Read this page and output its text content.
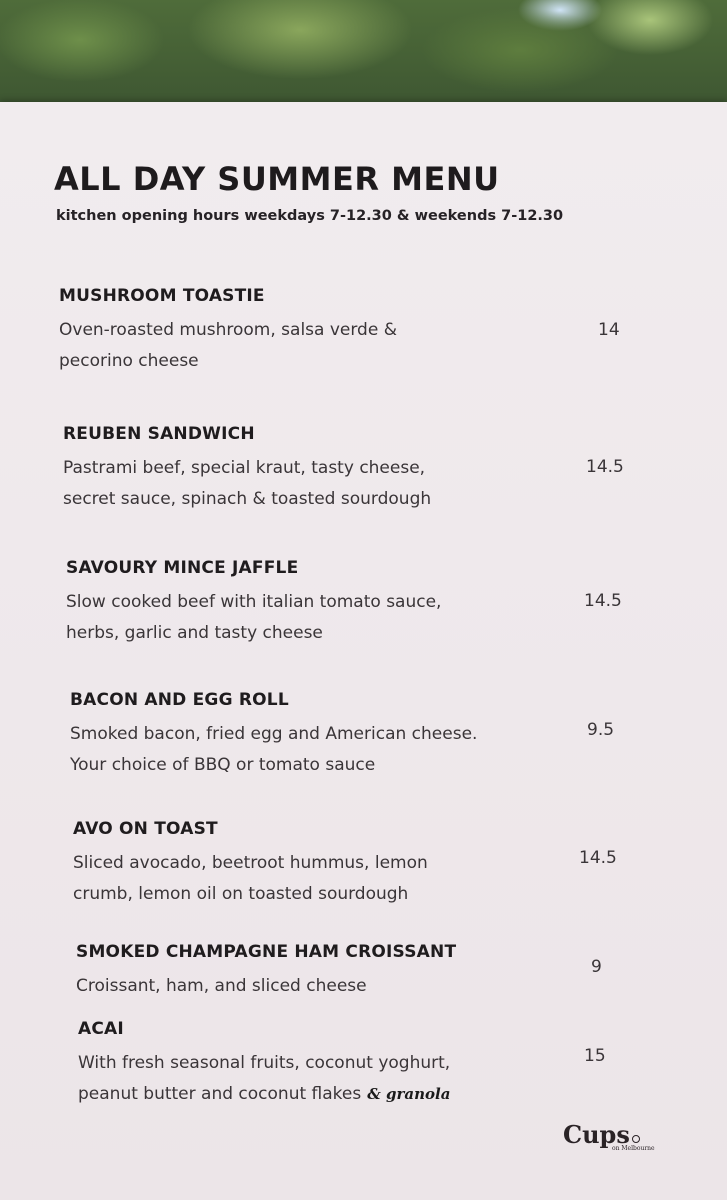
ALL DAY SUMMER MENU
kitchen opening hours weekdays 7-12.30 & weekends 7-12.30
MUSHROOM TOASTIE
Oven-roasted mushroom, salsa verde &
pecorino cheese
14
REUBEN SANDWICH
Pastrami beef, special kraut, tasty cheese,
secret sauce, spinach & toasted sourdough
14.5
SAVOURY MINCE JAFFLE
Slow cooked beef with italian tomato sauce,
herbs, garlic and tasty cheese
14.5
BACON AND EGG ROLL
Smoked bacon, fried egg and American cheese.
Your choice of BBQ or tomato sauce
9.5
AVO ON TOAST
Sliced avocado, beetroot hummus, lemon
crumb, lemon oil on toasted sourdough
14.5
SMOKED CHAMPAGNE HAM CROISSANT
Croissant, ham, and sliced cheese
9
ACAI
With fresh seasonal fruits, coconut yoghurt,
peanut butter and coconut flakes & granola
15
Cups
on Melbourne
